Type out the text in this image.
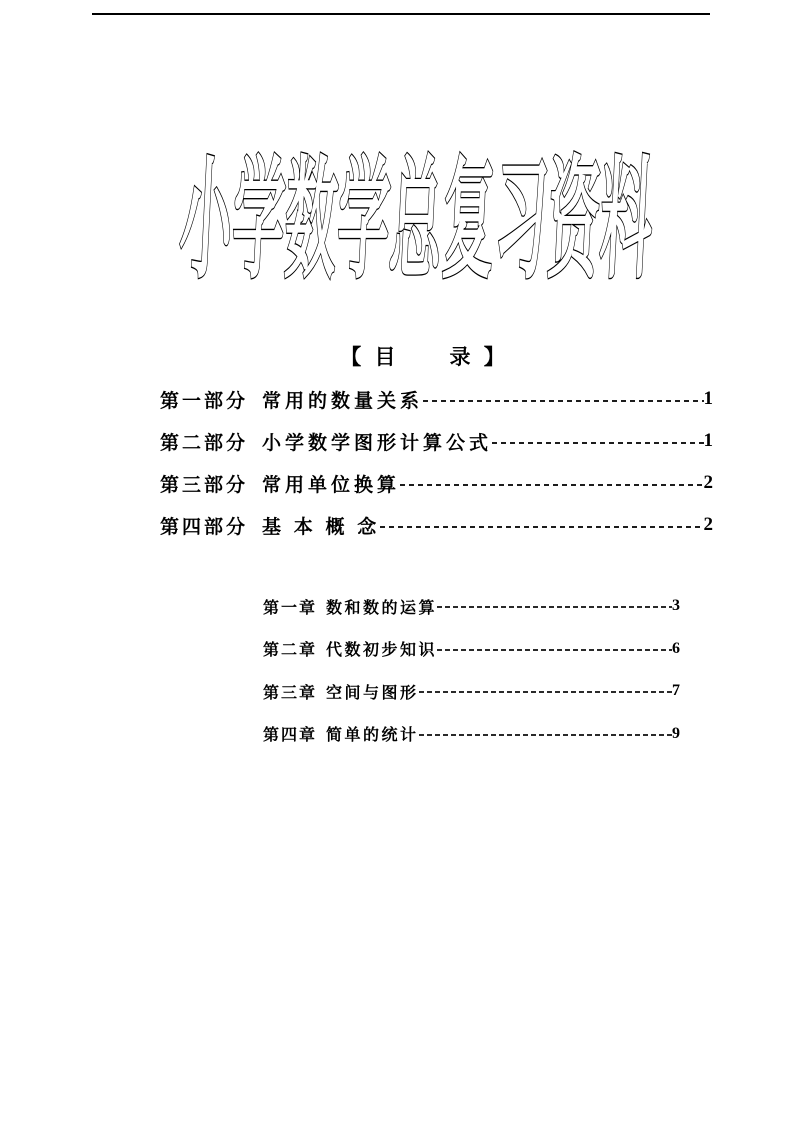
小学数学总复习资料
【 目　　录 】
第一部分 常用的数量关系	1
第二部分 小学数学图形计算公式	1
第三部分 常用单位换算	2
第四部分 基 本 概 念	2
第一章 数和数的运算	3
第二章 代数初步知识	6
第三章 空间与图形	7
第四章 简单的统计	9
